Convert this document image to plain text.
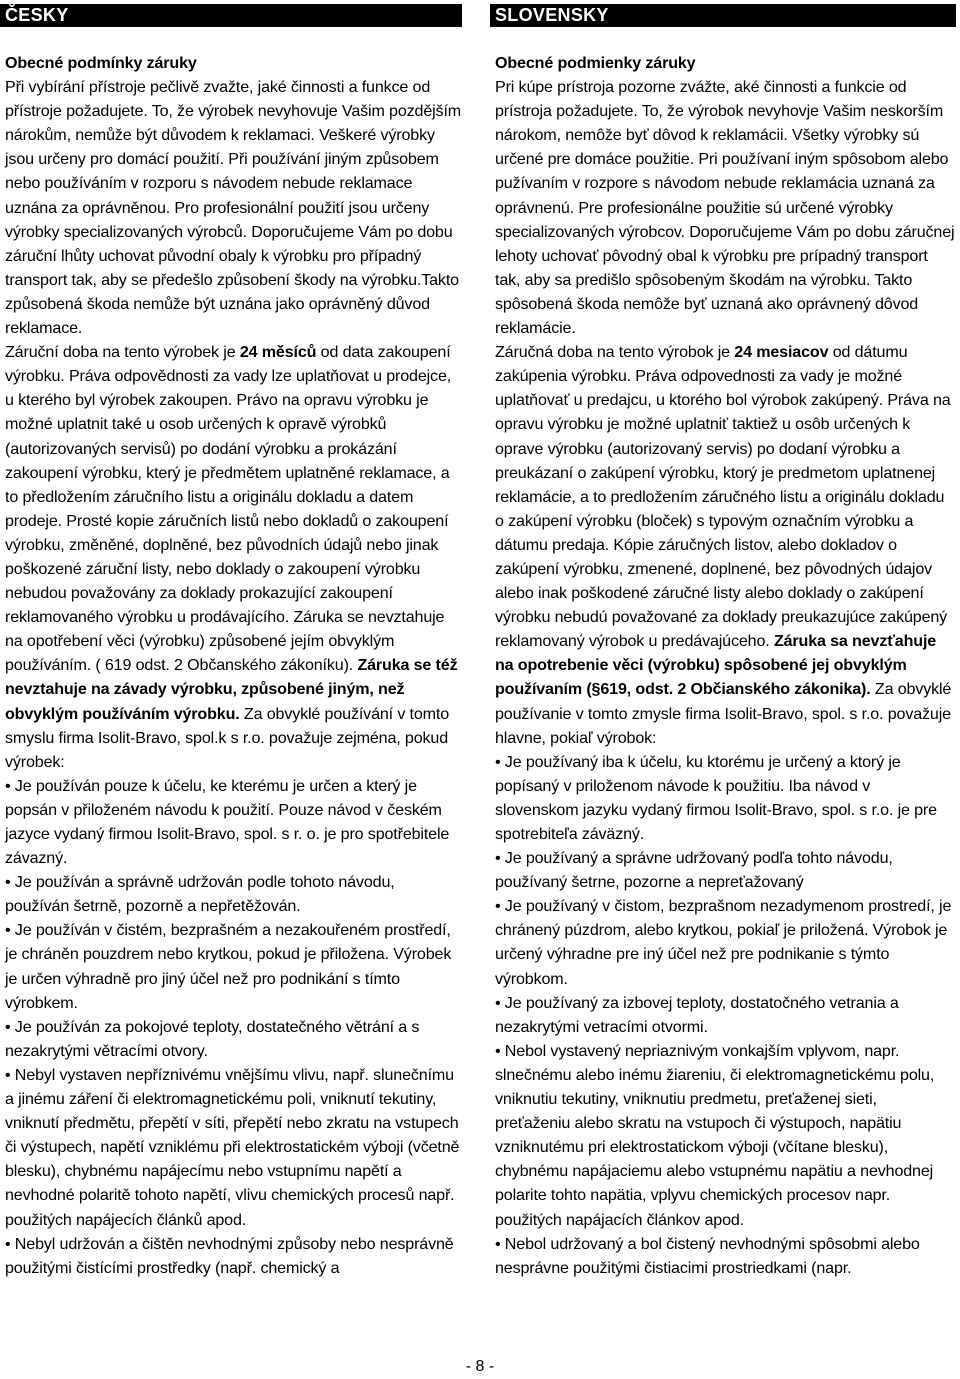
ČESKY

Obecné podmínky záruky

Při vybírání přístroje pečlivě zvažte, jaké činnosti a funkce od přístroje požadujete. To, že výrobek nevyhovuje Vašim pozdějším nárokům, nemůže být důvodem k reklamaci. Veškeré výrobky jsou určeny pro domácí použití. Při používání jiným způsobem nebo používáním v rozporu s návodem nebude reklamace uznána za oprávněnou. Pro profesionální použití jsou určeny výrobky specializovaných výrobců. Doporučujeme Vám po dobu záruční lhůty uchovat původní obaly k výrobku pro případný transport tak, aby se předešlo způsobení škody na výrobku.Takto způsobená škoda nemůže být uznána jako oprávněný důvod reklamace.

Záruční doba na tento výrobek je 24 měsíců od data zakoupení výrobku. Práva odpovědnosti za vady lze uplatňovat u prodejce, u kterého byl výrobek zakoupen. Právo na opravu výrobku je možné uplatnit také u osob určených k opravě výrobků (autorizovaných servisů) po dodání výrobku a prokázání zakoupení výrobku, který je předmětem uplatněné reklamace, a to předložením záručního listu a originálu dokladu a datem prodeje. Prosté kopie záručních listů nebo dokladů o zakoupení výrobku, změněné, doplněné, bez původních údajů nebo jinak poškozené záruční listy, nebo doklady o zakoupení výrobku nebudou považovány za doklady prokazující zakoupení reklamovaného výrobku u prodávajícího. Záruka se nevztahuje na opotřebení věci (výrobku) způsobené jejím obvyklým používáním. ( 619 odst. 2 Občanského zákoníku). Záruka se též nevztahuje na závady výrobku, způsobené jiným, než obvyklým používáním výrobku. Za obvyklé používání v tomto smyslu firma Isolit-Bravo, spol.k s r.o. považuje zejména, pokud výrobek:

• Je používán pouze k účelu, ke kterému je určen a který je popsán v přiloženém návodu k použití. Pouze návod v českém jazyce vydaný firmou Isolit-Bravo, spol. s r. o. je pro spotřebitele závazný.

• Je používán a správně udržován podle tohoto návodu, používán šetrně, pozorně a nepřetěžován.

• Je používán v čistém, bezprašném a nezakouřeném prostředí, je chráněn pouzdrem nebo krytkou, pokud je přiložena. Výrobek je určen výhradně pro jiný účel než pro podnikání s tímto výrobkem.

• Je používán za pokojové teploty, dostatečného větrání a s nezakrytými větracími otvory.

• Nebyl vystaven nepříznivému vnějšímu vlivu, např. slunečnímu a jinému záření či elektromagnetickému poli, vniknutí tekutiny, vniknutí předmětu, přepětí v síti, přepětí nebo zkratu na vstupech či výstupech, napětí vzniklému při elektrostatickém výboji (včetně blesku), chybnému napájecímu nebo vstupnímu napětí a nevhodné polaritě tohoto napětí, vlivu chemických procesů např. použitých napájecích článků apod.

• Nebyl udržován a čištěn nevhodnými způsoby nebo nesprávně použitými čistícími prostředky (např. chemický a

SLOVENSKY

Obecné podmienky záruky

Pri kúpe prístroja pozorne zvážte, aké činnosti a funkcie od prístroja požadujete. To, že výrobok nevyhovje Vašim neskorším nárokom, nemôže byť dôvod k reklamácii. Všetky výrobky sú určené pre domáce použitie. Pri používaní iným spôsobom alebo pužívaním v rozpore s návodom nebude reklamácia uznaná za oprávnenú. Pre profesionálne použitie sú určené výrobky specializovaných výrobcov. Doporučujeme Vám po dobu záručnej lehoty uchovať pôvodný obal k výrobku pre prípadný transport tak, aby sa predišlo spôsobeným škodám na výrobku. Takto spôsobená škoda nemôže byť uznaná ako oprávnený dôvod reklamácie.

Záručná doba na tento výrobok je 24 mesiacov od dátumu zakúpenia výrobku. Práva odpovednosti za vady je možné uplatňovať u predajcu, u ktorého bol výrobok zakúpený. Práva na opravu výrobku je možné uplatniť taktiež u osôb určených k oprave výrobku (autorizovaný servis) po dodaní výrobku a preukázaní o zakúpení výrobku, ktorý je predmetom uplatnenej reklamácie, a to predložením záručného listu a originálu dokladu o zakúpení výrobku (bloček) s typovým označním výrobku a dátumu predaja. Kópie záručných listov, alebo dokladov o zakúpení výrobku, zmenené, doplnené, bez pôvodných údajov alebo inak poškodené záručné listy alebo doklady o zakúpení výrobku nebudú považované za doklady preukazujúce zakúpený reklamovaný výrobok u predávajúceho. Záruka sa nevzťahuje na opotrebenie věci (výrobku) spôsobené jej obvyklým používaním (§619, odst. 2 Občianského zákonika). Za obvyklé používanie v tomto zmysle firma Isolit-Bravo, spol. s r.o. považuje hlavne, pokiaľ výrobok:

• Je používaný iba k účelu, ku ktorému je určený a ktorý je popísaný v priloženom návode k použitiu. Iba návod v slovenskom jazyku vydaný firmou Isolit-Bravo, spol. s r.o. je pre spotrebiteľa záväzný.

• Je používaný a správne udržovaný podľa tohto návodu, používaný šetrne, pozorne a nepreťažovaný

• Je používaný v čistom, bezprašnom nezadymenom prostredí, je chránený púzdrom, alebo krytkou, pokiaľ je priložená. Výrobok je určený výhradne pre iný účel než pre podnikanie s týmto výrobkom.

• Je používaný za izbovej teploty, dostatočného vetrania a nezakrytými vetracími otvormi.

• Nebol vystavený nepriaznivým vonkajším vplyvom, napr. slnečnému alebo inému žiareniu, či elektromagnetickému polu, vniknutiu tekutiny, vniknutiu predmetu, preťaženej sieti, preťaženiu alebo skratu na vstupoch či výstupoch, napätiu vzniknutému pri elektrostatickom výboji (včítane blesku), chybnému napájaciemu alebo vstupnému napätiu a nevhodnej polarite tohto napätia, vplyvu chemických procesov napr. použitých napájacích článkov apod.

• Nebol udržovaný a bol čistený nevhodnými spôsobmi alebo nesprávne použitými čistiacimi prostriedkami (napr.

- 8 -
